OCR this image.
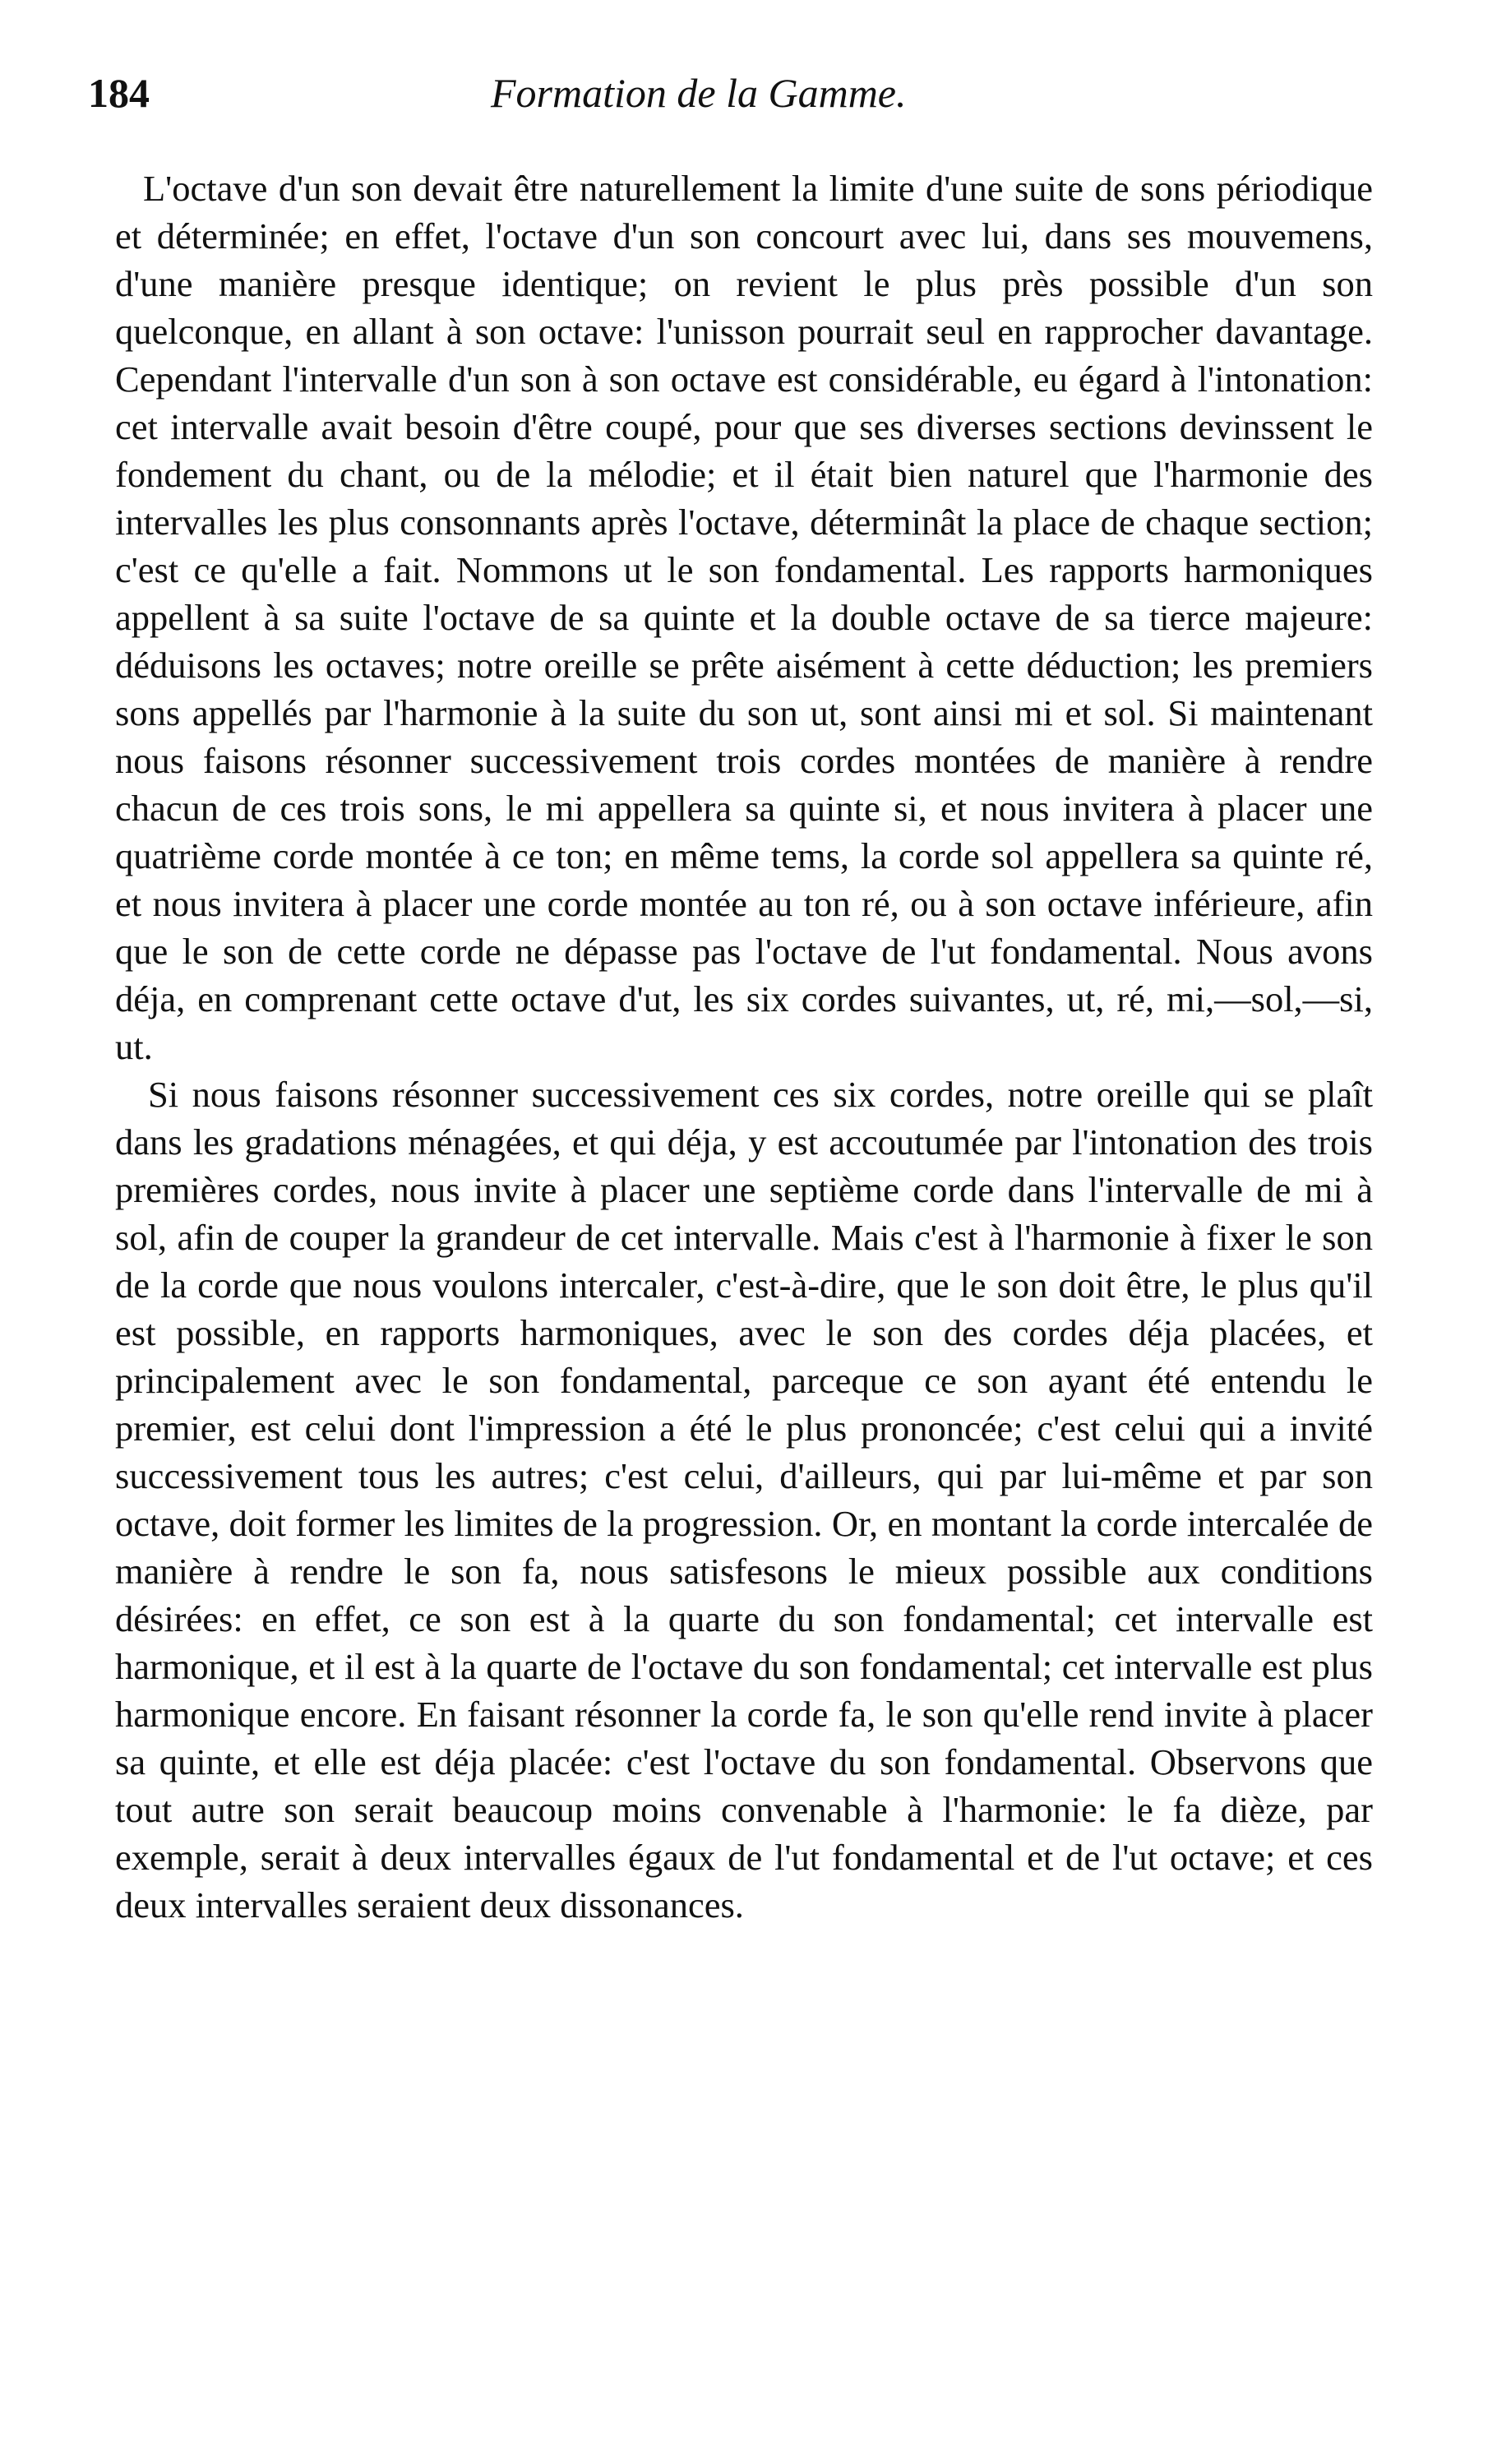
184	Formation de la Gamme.

L'octave d'un son devait être naturellement la limite d'une suite de sons périodique et déterminée; en effet, l'octave d'un son concourt avec lui, dans ses mouvemens, d'une manière presque identique; on revient le plus près possible d'un son quelconque, en allant à son octave: l'unisson pourrait seul en rapprocher davantage. Cependant l'intervalle d'un son à son octave est considérable, eu égard à l'intonation: cet intervalle avait besoin d'être coupé, pour que ses diverses sections devinssent le fondement du chant, ou de la mélodie; et il était bien naturel que l'harmonie des intervalles les plus consonnants après l'octave, déterminât la place de chaque section; c'est ce qu'elle a fait. Nommons ut le son fondamental. Les rapports harmoniques appellent à sa suite l'octave de sa quinte et la double octave de sa tierce majeure: déduisons les octaves; notre oreille se prête aisément à cette déduction; les premiers sons appellés par l'harmonie à la suite du son ut, sont ainsi mi et sol. Si maintenant nous faisons résonner successivement trois cordes montées de manière à rendre chacun de ces trois sons, le mi appellera sa quinte si, et nous invitera à placer une quatrième corde montée à ce ton; en même tems, la corde sol appellera sa quinte ré, et nous invitera à placer une corde montée au ton ré, ou à son octave inférieure, afin que le son de cette corde ne dépasse pas l'octave de l'ut fondamental. Nous avons déja, en comprenant cette octave d'ut, les six cordes suivantes, ut, ré, mi,—sol,—si, ut.

Si nous faisons résonner successivement ces six cordes, notre oreille qui se plaît dans les gradations ménagées, et qui déja, y est accoutumée par l'intonation des trois premières cordes, nous invite à placer une septième corde dans l'intervalle de mi à sol, afin de couper la grandeur de cet intervalle. Mais c'est à l'harmonie à fixer le son de la corde que nous voulons intercaler, c'est-à-dire, que le son doit être, le plus qu'il est possible, en rapports harmoniques, avec le son des cordes déja placées, et principalement avec le son fondamental, parceque ce son ayant été entendu le premier, est celui dont l'impression a été le plus prononcée; c'est celui qui a invité successivement tous les autres; c'est celui, d'ailleurs, qui par lui-même et par son octave, doit former les limites de la progression. Or, en montant la corde intercalée de manière à rendre le son fa, nous satisfesons le mieux possible aux conditions désirées: en effet, ce son est à la quarte du son fondamental; cet intervalle est harmonique, et il est à la quarte de l'octave du son fondamental; cet intervalle est plus harmonique encore. En faisant résonner la corde fa, le son qu'elle rend invite à placer sa quinte, et elle est déja placée: c'est l'octave du son fondamental. Observons que tout autre son serait beaucoup moins convenable à l'harmonie: le fa dièze, par exemple, serait à deux intervalles égaux de l'ut fondamental et de l'ut octave; et ces deux intervalles seraient deux dissonances.
